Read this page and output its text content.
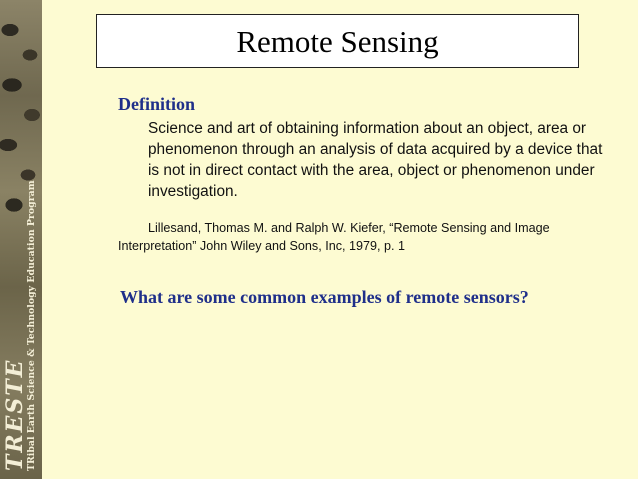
TRESTE
TRibal Earth Science & Technology Education Program
Remote Sensing
Definition
Science and art of obtaining information about an object, area or phenomenon through an analysis of data acquired by a device that is not in direct contact with the area, object or phenomenon under investigation.
Lillesand, Thomas M. and Ralph W. Kiefer, “Remote Sensing and Image Interpretation” John Wiley and Sons, Inc, 1979, p. 1
What are some common examples of remote sensors?
